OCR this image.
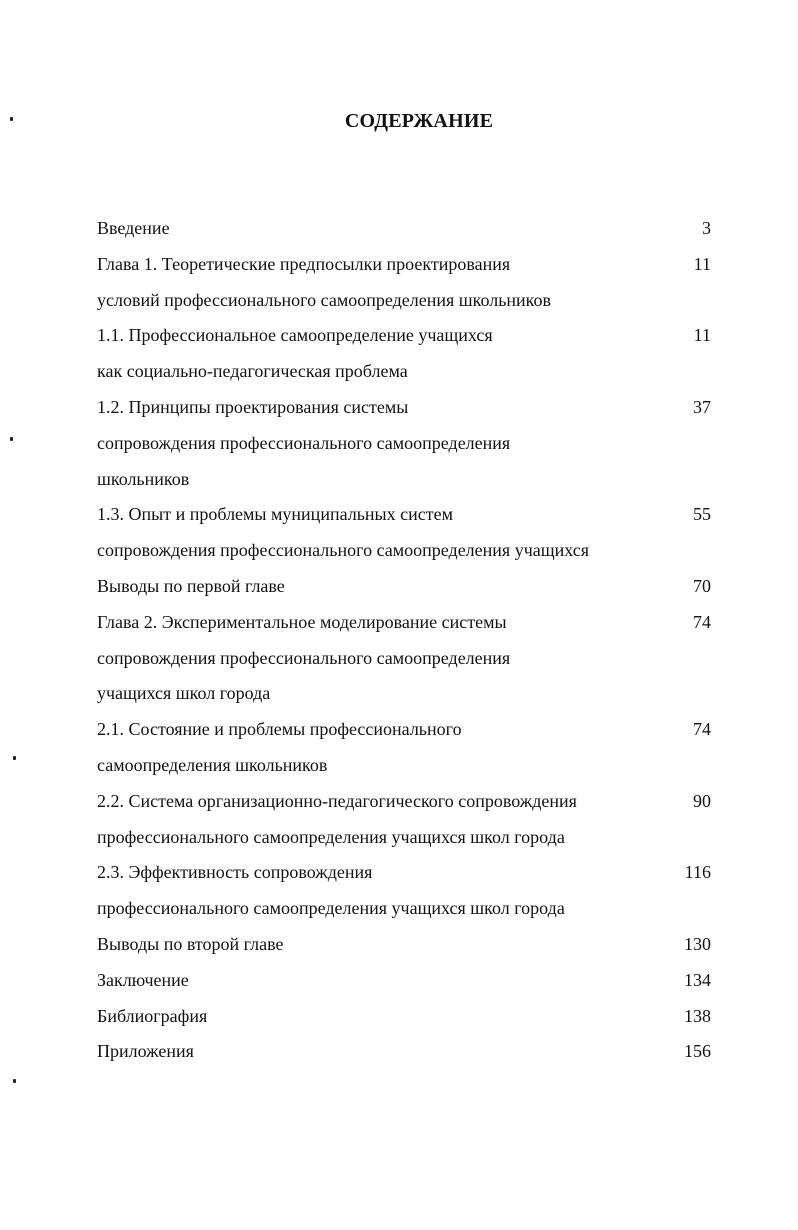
СОДЕРЖАНИЕ
Введение	3
Глава 1. Теоретические предпосылки проектирования	11
условий профессионального самоопределения школьников
1.1. Профессиональное самоопределение учащихся	11
как социально-педагогическая проблема
1.2. Принципы проектирования системы	37
сопровождения профессионального самоопределения
школьников
1.3. Опыт и проблемы муниципальных систем	55
сопровождения профессионального самоопределения учащихся
Выводы по первой главе	70
Глава 2. Экспериментальное моделирование системы	74
сопровождения профессионального самоопределения
учащихся школ города
2.1. Состояние и проблемы профессионального	74
самоопределения школьников
2.2. Система организационно-педагогического сопровождения	90
профессионального самоопределения учащихся школ города
2.3. Эффективность сопровождения	116
профессионального самоопределения учащихся школ города
Выводы по второй главе	130
Заключение	134
Библиография	138
Приложения	156
